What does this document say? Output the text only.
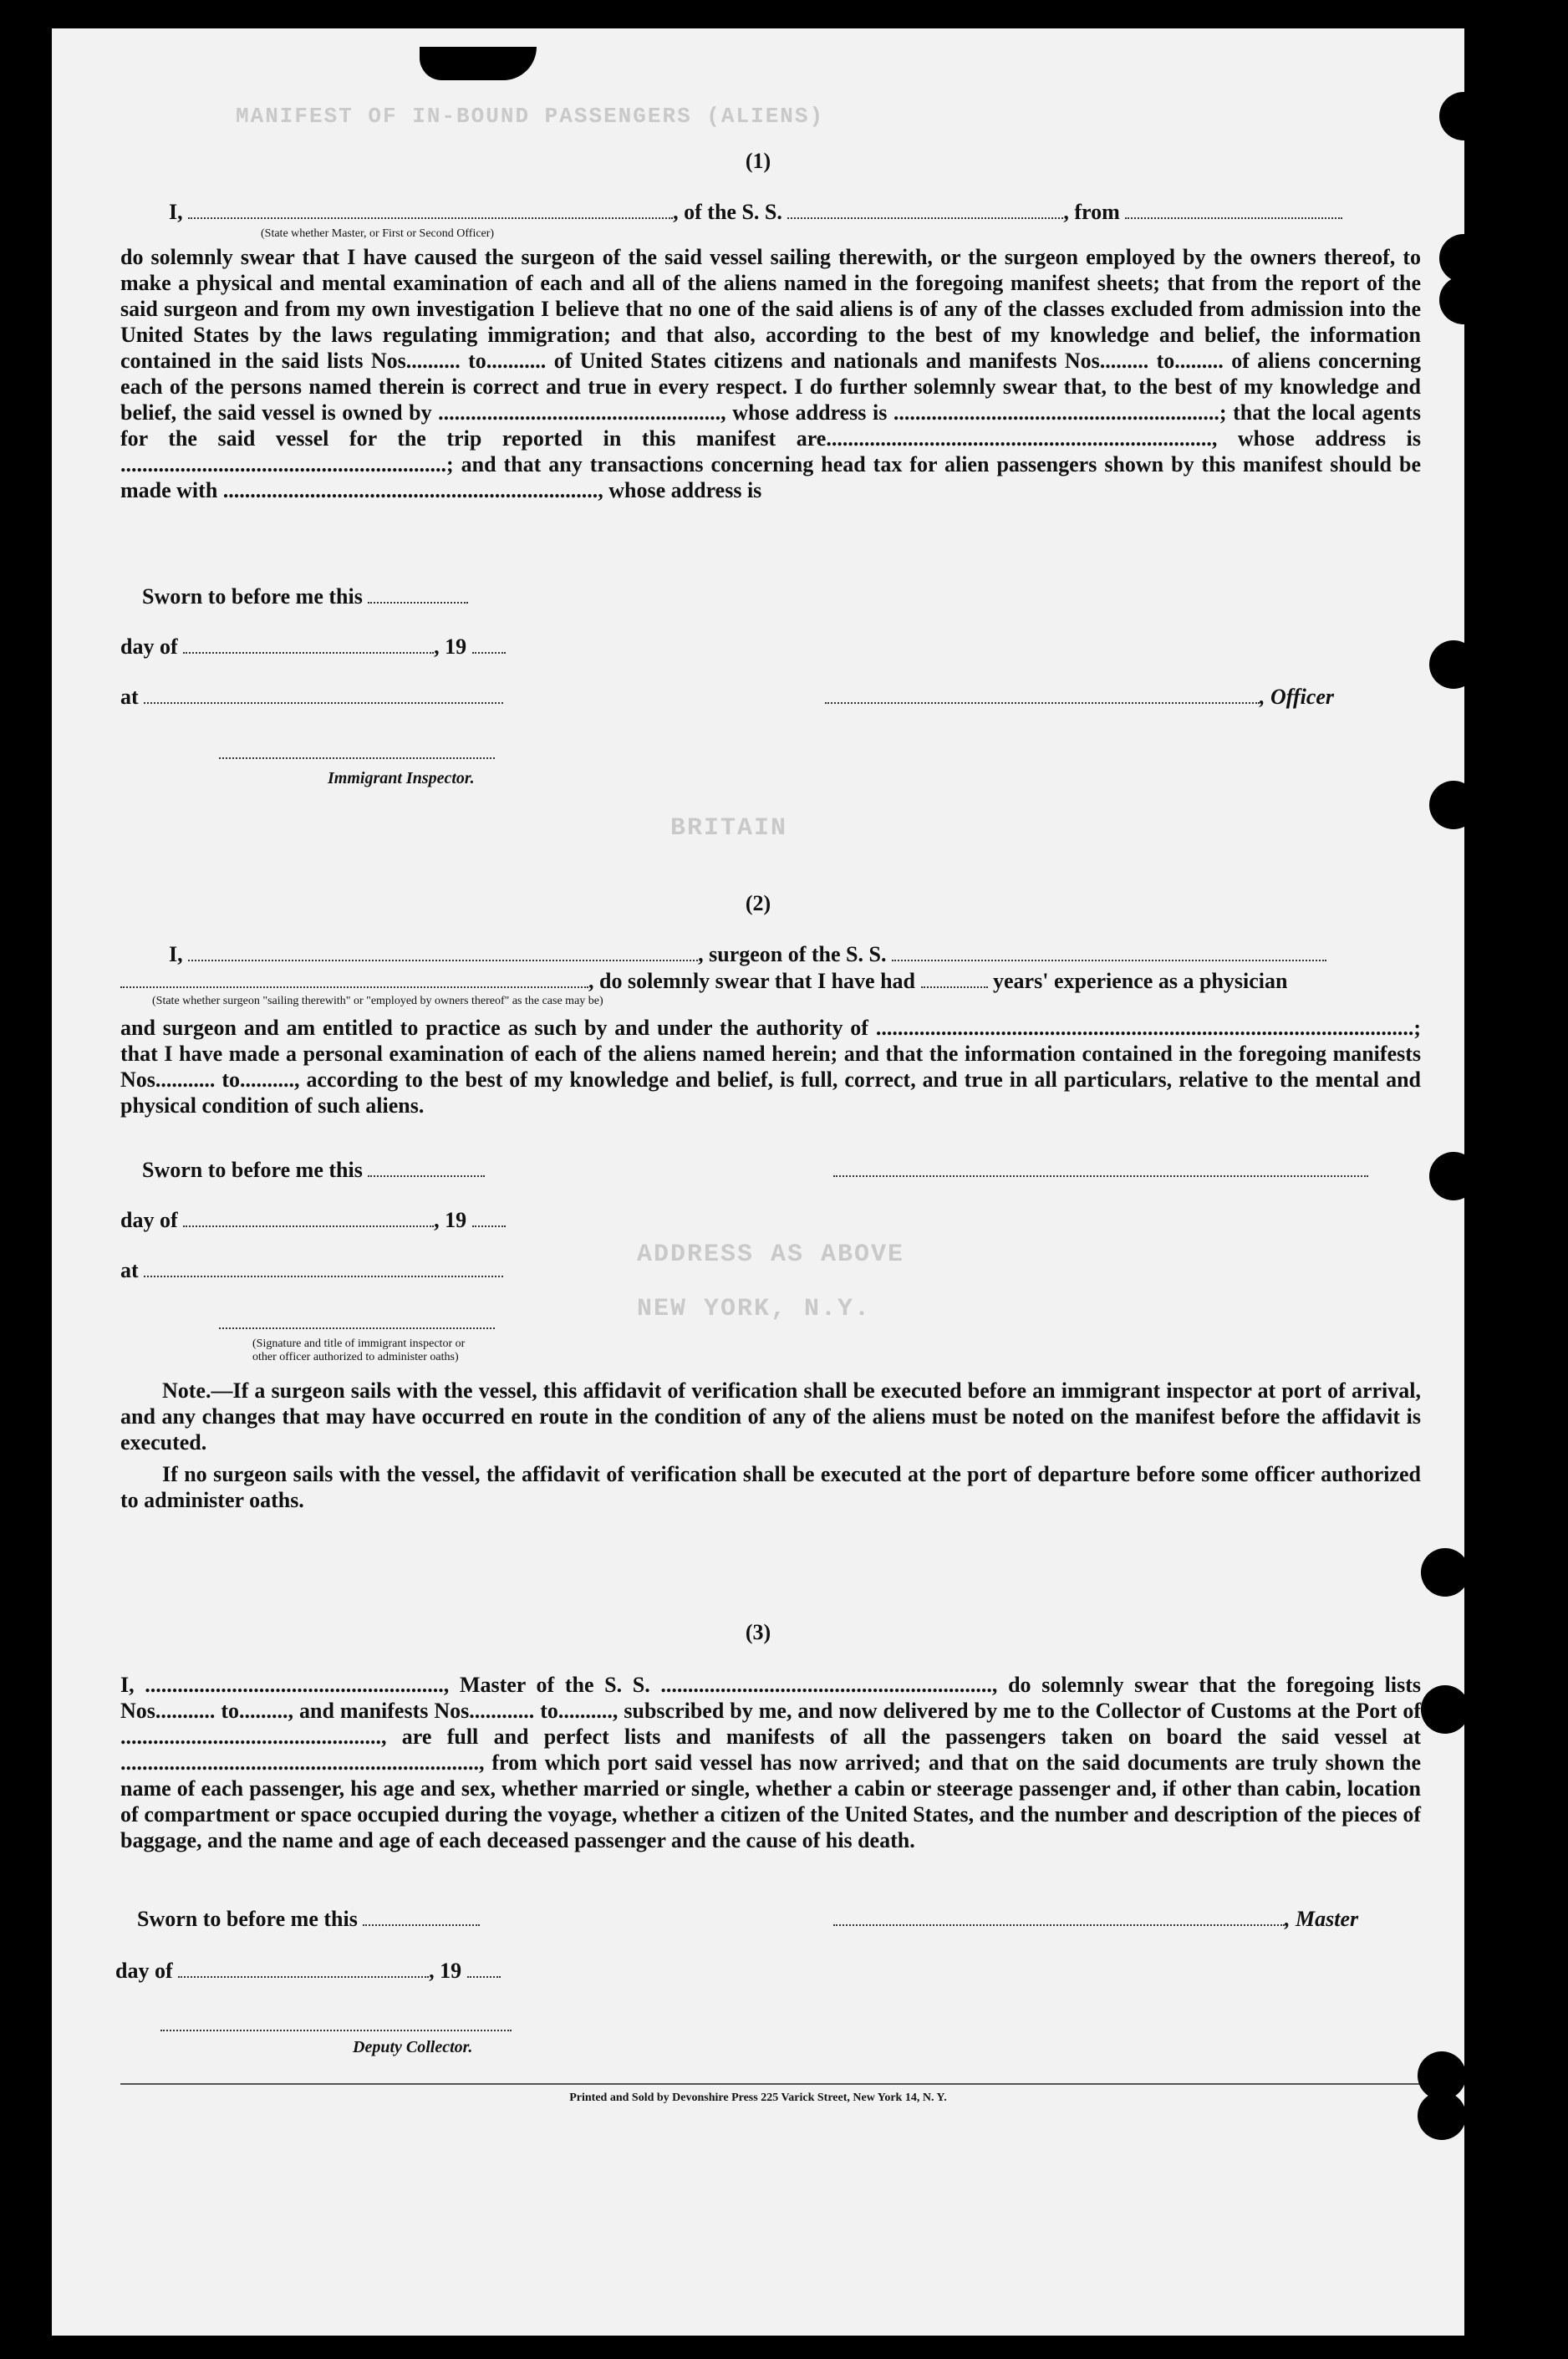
MANIFEST OF IN-BOUND PASSENGERS (ALIENS)
ADDRESS AS ABOVE
NEW YORK, N.Y.
BRITAIN
(1)
I,	, of the S. S.	, from
(State whether Master, or First or Second Officer)
do solemnly swear that I have caused the surgeon of the said vessel sailing therewith, or the surgeon employed by the owners thereof, to make a physical and mental examination of each and all of the aliens named in the foregoing manifest sheets; that from the report of the said surgeon and from my own investigation I believe that no one of the said aliens is of any of the classes excluded from admission into the United States by the laws regulating immigration; and that also, according to the best of my knowledge and belief, the information contained in the said lists Nos.......... to........... of United States citizens and nationals and manifests Nos......... to......... of aliens concerning each of the persons named therein is correct and true in every respect. I do further solemnly swear that, to the best of my knowledge and belief, the said vessel is owned by ...................................................., whose address is ............................................................; that the local agents for the said vessel for the trip reported in this manifest are......................................................................., whose address is ............................................................; and that any transactions concerning head tax for alien passengers shown by this manifest should be made with ....................................................................., whose address is
Sworn to before me this
day of	, 19
at	, Officer
Immigrant Inspector.
(2)
I,	, surgeon of the S. S.
, do solemnly swear that I have had	years' experience as a physician
(State whether surgeon "sailing therewith" or "employed by owners thereof" as the case may be)
and surgeon and am entitled to practice as such by and under the authority of ...................................................................................................; that I have made a personal examination of each of the aliens named herein; and that the information contained in the foregoing manifests Nos........... to.........., according to the best of my knowledge and belief, is full, correct, and true in all particulars, relative to the mental and physical condition of such aliens.
Sworn to before me this
day of	, 19
at
(Signature and title of immigrant inspector or
other officer authorized to administer oaths)
Note.—If a surgeon sails with the vessel, this affidavit of verification shall be executed before an immigrant inspector at port of arrival, and any changes that may have occurred en route in the condition of any of the aliens must be noted on the manifest before the affidavit is executed.
If no surgeon sails with the vessel, the affidavit of verification shall be executed at the port of departure before some officer authorized to administer oaths.
(3)
I, ......................................................., Master of the S. S. ............................................................., do solemnly swear that the foregoing lists Nos........... to........., and manifests Nos............ to.........., subscribed by me, and now delivered by me to the Collector of Customs at the Port of ................................................, are full and perfect lists and manifests of all the passengers taken on board the said vessel at .................................................................., from which port said vessel has now arrived; and that on the said documents are truly shown the name of each passenger, his age and sex, whether married or single, whether a cabin or steerage passenger and, if other than cabin, location of compartment or space occupied during the voyage, whether a citizen of the United States, and the number and description of the pieces of baggage, and the name and age of each deceased passenger and the cause of his death.
Sworn to before me this	, Master
day of	, 19
Deputy Collector.
Printed and Sold by Devonshire Press 225 Varick Street, New York 14, N. Y.
